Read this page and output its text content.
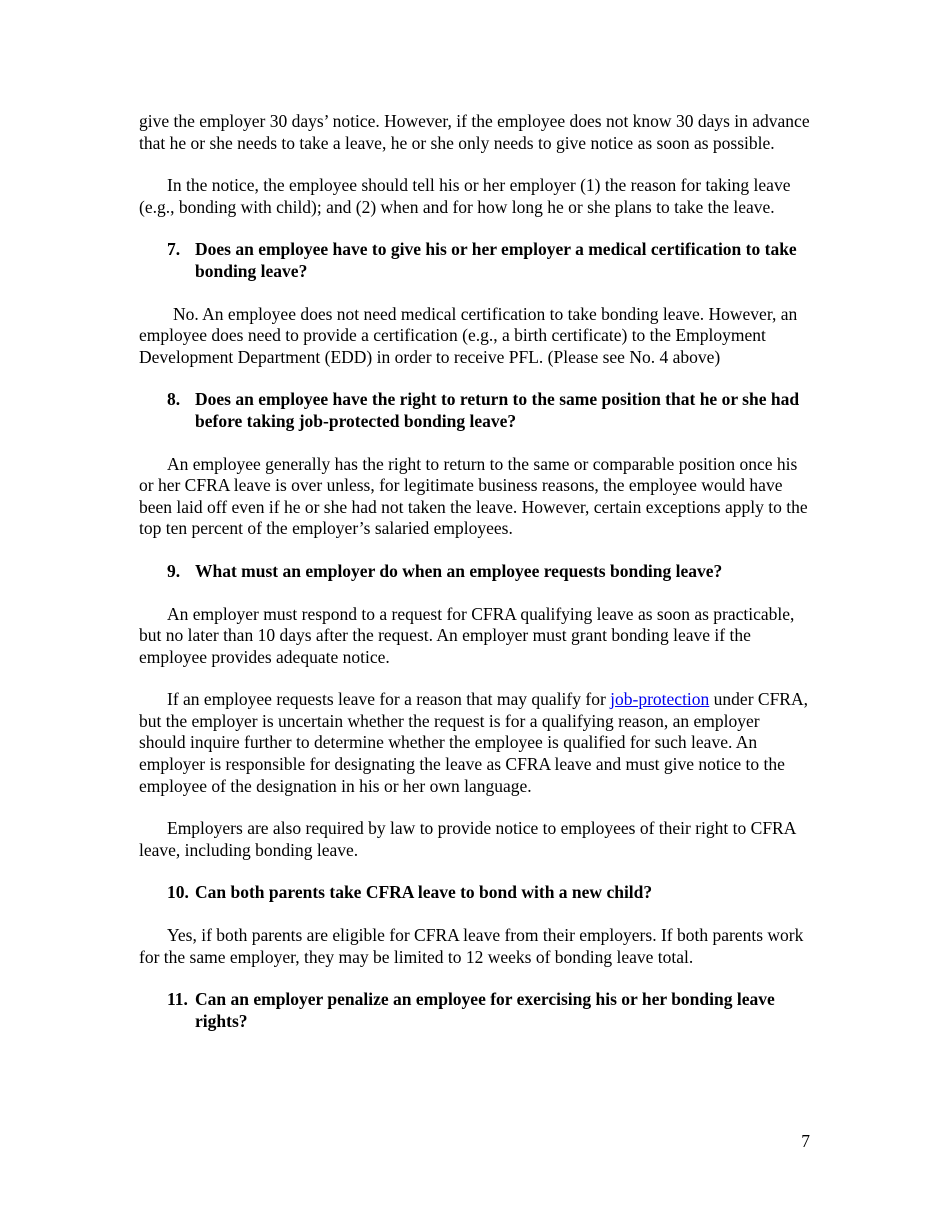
give the employer 30 days’ notice. However, if the employee does not know 30 days in advance that he or she needs to take a leave, he or she only needs to give notice as soon as possible.

In the notice, the employee should tell his or her employer (1) the reason for taking leave (e.g., bonding with child); and (2) when and for how long he or she plans to take the leave.

7. Does an employee have to give his or her employer a medical certification to take bonding leave?

No. An employee does not need medical certification to take bonding leave. However, an employee does need to provide a certification (e.g., a birth certificate) to the Employment Development Department (EDD) in order to receive PFL. (Please see No. 4 above)

8. Does an employee have the right to return to the same position that he or she had before taking job-protected bonding leave?

An employee generally has the right to return to the same or comparable position once his or her CFRA leave is over unless, for legitimate business reasons, the employee would have been laid off even if he or she had not taken the leave. However, certain exceptions apply to the top ten percent of the employer’s salaried employees.

9. What must an employer do when an employee requests bonding leave?

An employer must respond to a request for CFRA qualifying leave as soon as practicable, but no later than 10 days after the request. An employer must grant bonding leave if the employee provides adequate notice.

If an employee requests leave for a reason that may qualify for job-protection under CFRA, but the employer is uncertain whether the request is for a qualifying reason, an employer should inquire further to determine whether the employee is qualified for such leave. An employer is responsible for designating the leave as CFRA leave and must give notice to the employee of the designation in his or her own language.

Employers are also required by law to provide notice to employees of their right to CFRA leave, including bonding leave.

10. Can both parents take CFRA leave to bond with a new child?

Yes, if both parents are eligible for CFRA leave from their employers. If both parents work for the same employer, they may be limited to 12 weeks of bonding leave total.

11. Can an employer penalize an employee for exercising his or her bonding leave rights?
7
